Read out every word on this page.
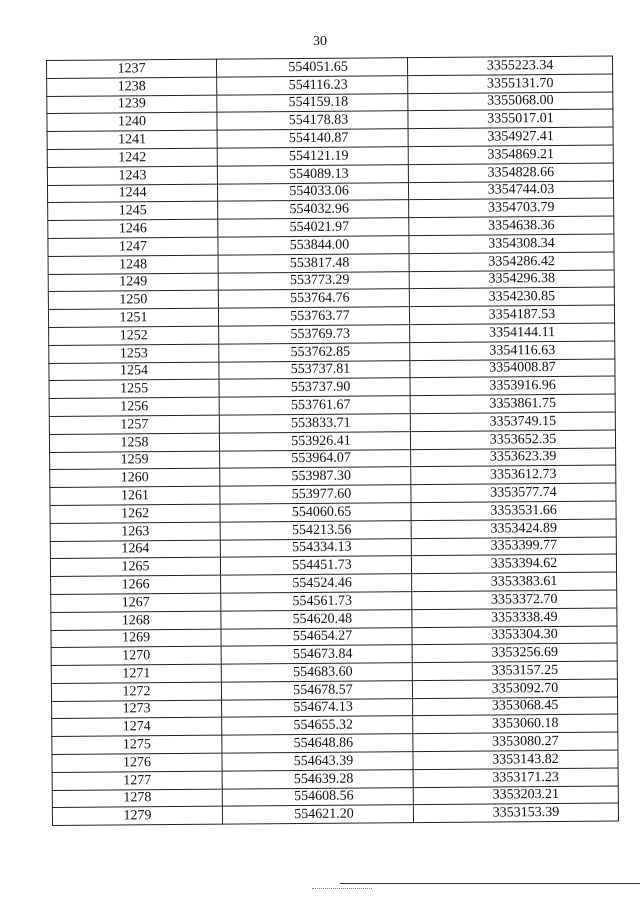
30
1237	554051.65	3355223.34
1238	554116.23	3355131.70
1239	554159.18	3355068.00
1240	554178.83	3355017.01
1241	554140.87	3354927.41
1242	554121.19	3354869.21
1243	554089.13	3354828.66
1244	554033.06	3354744.03
1245	554032.96	3354703.79
1246	554021.97	3354638.36
1247	553844.00	3354308.34
1248	553817.48	3354286.42
1249	553773.29	3354296.38
1250	553764.76	3354230.85
1251	553763.77	3354187.53
1252	553769.73	3354144.11
1253	553762.85	3354116.63
1254	553737.81	3354008.87
1255	553737.90	3353916.96
1256	553761.67	3353861.75
1257	553833.71	3353749.15
1258	553926.41	3353652.35
1259	553964.07	3353623.39
1260	553987.30	3353612.73
1261	553977.60	3353577.74
1262	554060.65	3353531.66
1263	554213.56	3353424.89
1264	554334.13	3353399.77
1265	554451.73	3353394.62
1266	554524.46	3353383.61
1267	554561.73	3353372.70
1268	554620.48	3353338.49
1269	554654.27	3353304.30
1270	554673.84	3353256.69
1271	554683.60	3353157.25
1272	554678.57	3353092.70
1273	554674.13	3353068.45
1274	554655.32	3353060.18
1275	554648.86	3353080.27
1276	554643.39	3353143.82
1277	554639.28	3353171.23
1278	554608.56	3353203.21
1279	554621.20	3353153.39
